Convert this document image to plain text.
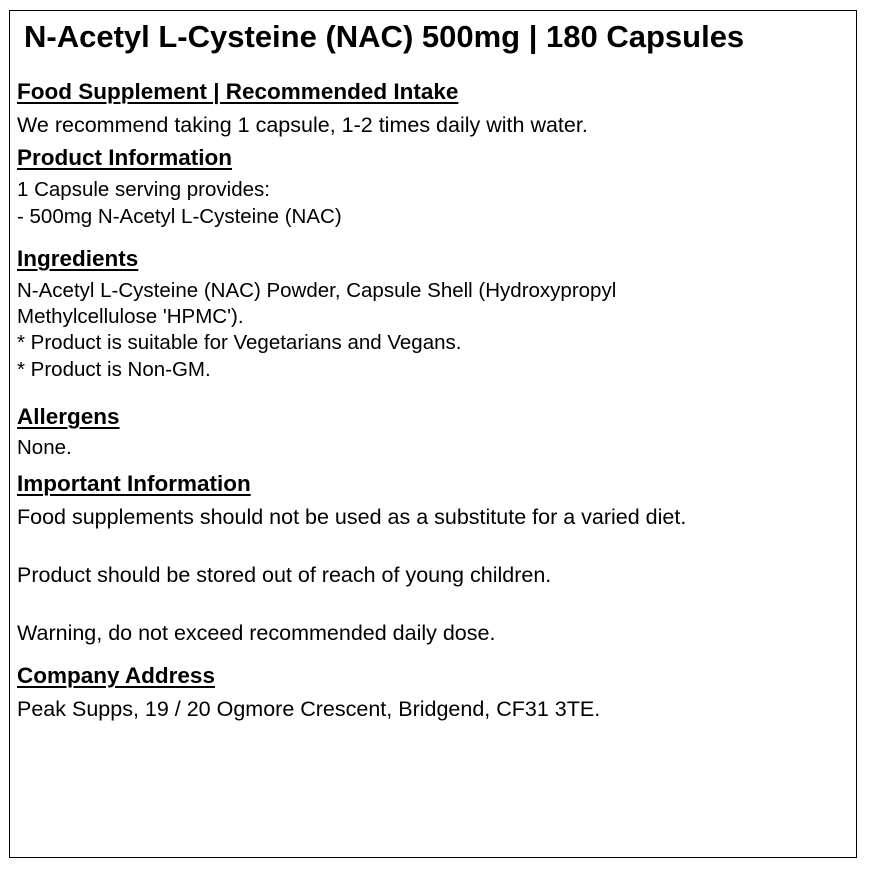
N-Acetyl L-Cysteine (NAC) 500mg | 180 Capsules
Food Supplement | Recommended Intake
We recommend taking 1 capsule, 1-2 times daily with water.
Product Information
1 Capsule serving provides:
- 500mg N-Acetyl L-Cysteine (NAC)
Ingredients
N-Acetyl L-Cysteine (NAC) Powder, Capsule Shell (Hydroxypropyl
Methylcellulose 'HPMC').
* Product is suitable for Vegetarians and Vegans.
* Product is Non-GM.
Allergens
None.
Important Information
Food supplements should not be used as a substitute for a varied diet.
Product should be stored out of reach of young children.
Warning, do not exceed recommended daily dose.
Company Address
Peak Supps, 19 / 20 Ogmore Crescent, Bridgend, CF31 3TE.
